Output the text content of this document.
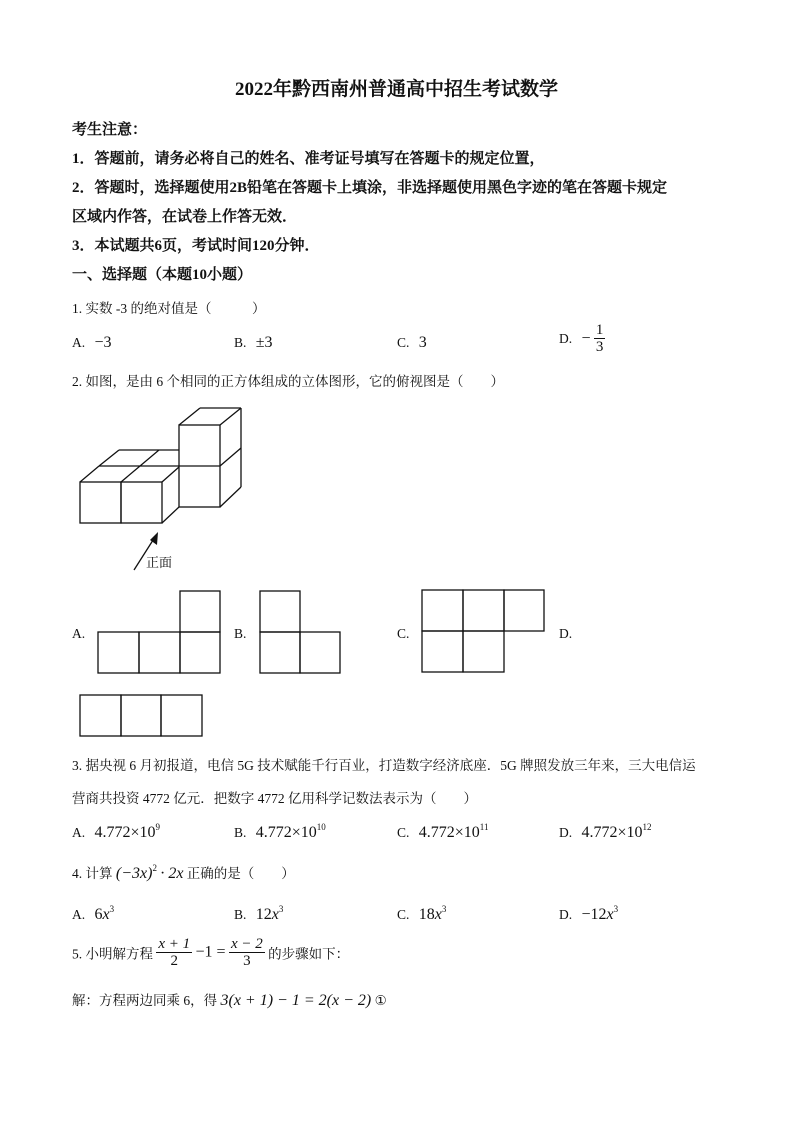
2022年黔西南州普通高中招生考试数学
考生注意：
1．答题前，请务必将自己的姓名、准考证号填写在答题卡的规定位置，
2．答题时，选择题使用2B铅笔在答题卡上填涂，非选择题使用黑色字迹的笔在答题卡规定
区域内作答，在试卷上作答无效．
3．本试题共6页，考试时间120分钟．
一、选择题（本题10小题）
1. 实数 -3 的绝对值是（　　　）
A. −3	B. ±3	C. 3	D. − $\frac{1}{3}$
2. 如图，是由 6 个相同的正方体组成的立体图形，它的俯视图是（　　）
正面
A.	B.	C.	D.
3. 据央视 6 月初报道，电信 5G 技术赋能千行百业，打造数字经济底座．5G 牌照发放三年来，三大电信运
营商共投资 4772 亿元．把数字 4772 亿用科学记数法表示为（　　）
A. $4.772\times 10^9$	B. $4.772\times 10^{10}$	C. $4.772\times 10^{11}$	D. $4.772\times 10^{12}$
4. 计算 $(-3x)^2 \cdot 2x$ 正确的是（　　）
A. $6x^3$	B. $12x^3$	C. $18x^3$	D. $-12x^3$
5. 小明解方程 $\frac{x + 1}{2} -1 = \frac{x - 2}{3}$ 的步骤如下：
解：方程两边同乘 6，得 3(x + 1) − 1 = 2(x − 2) ①
